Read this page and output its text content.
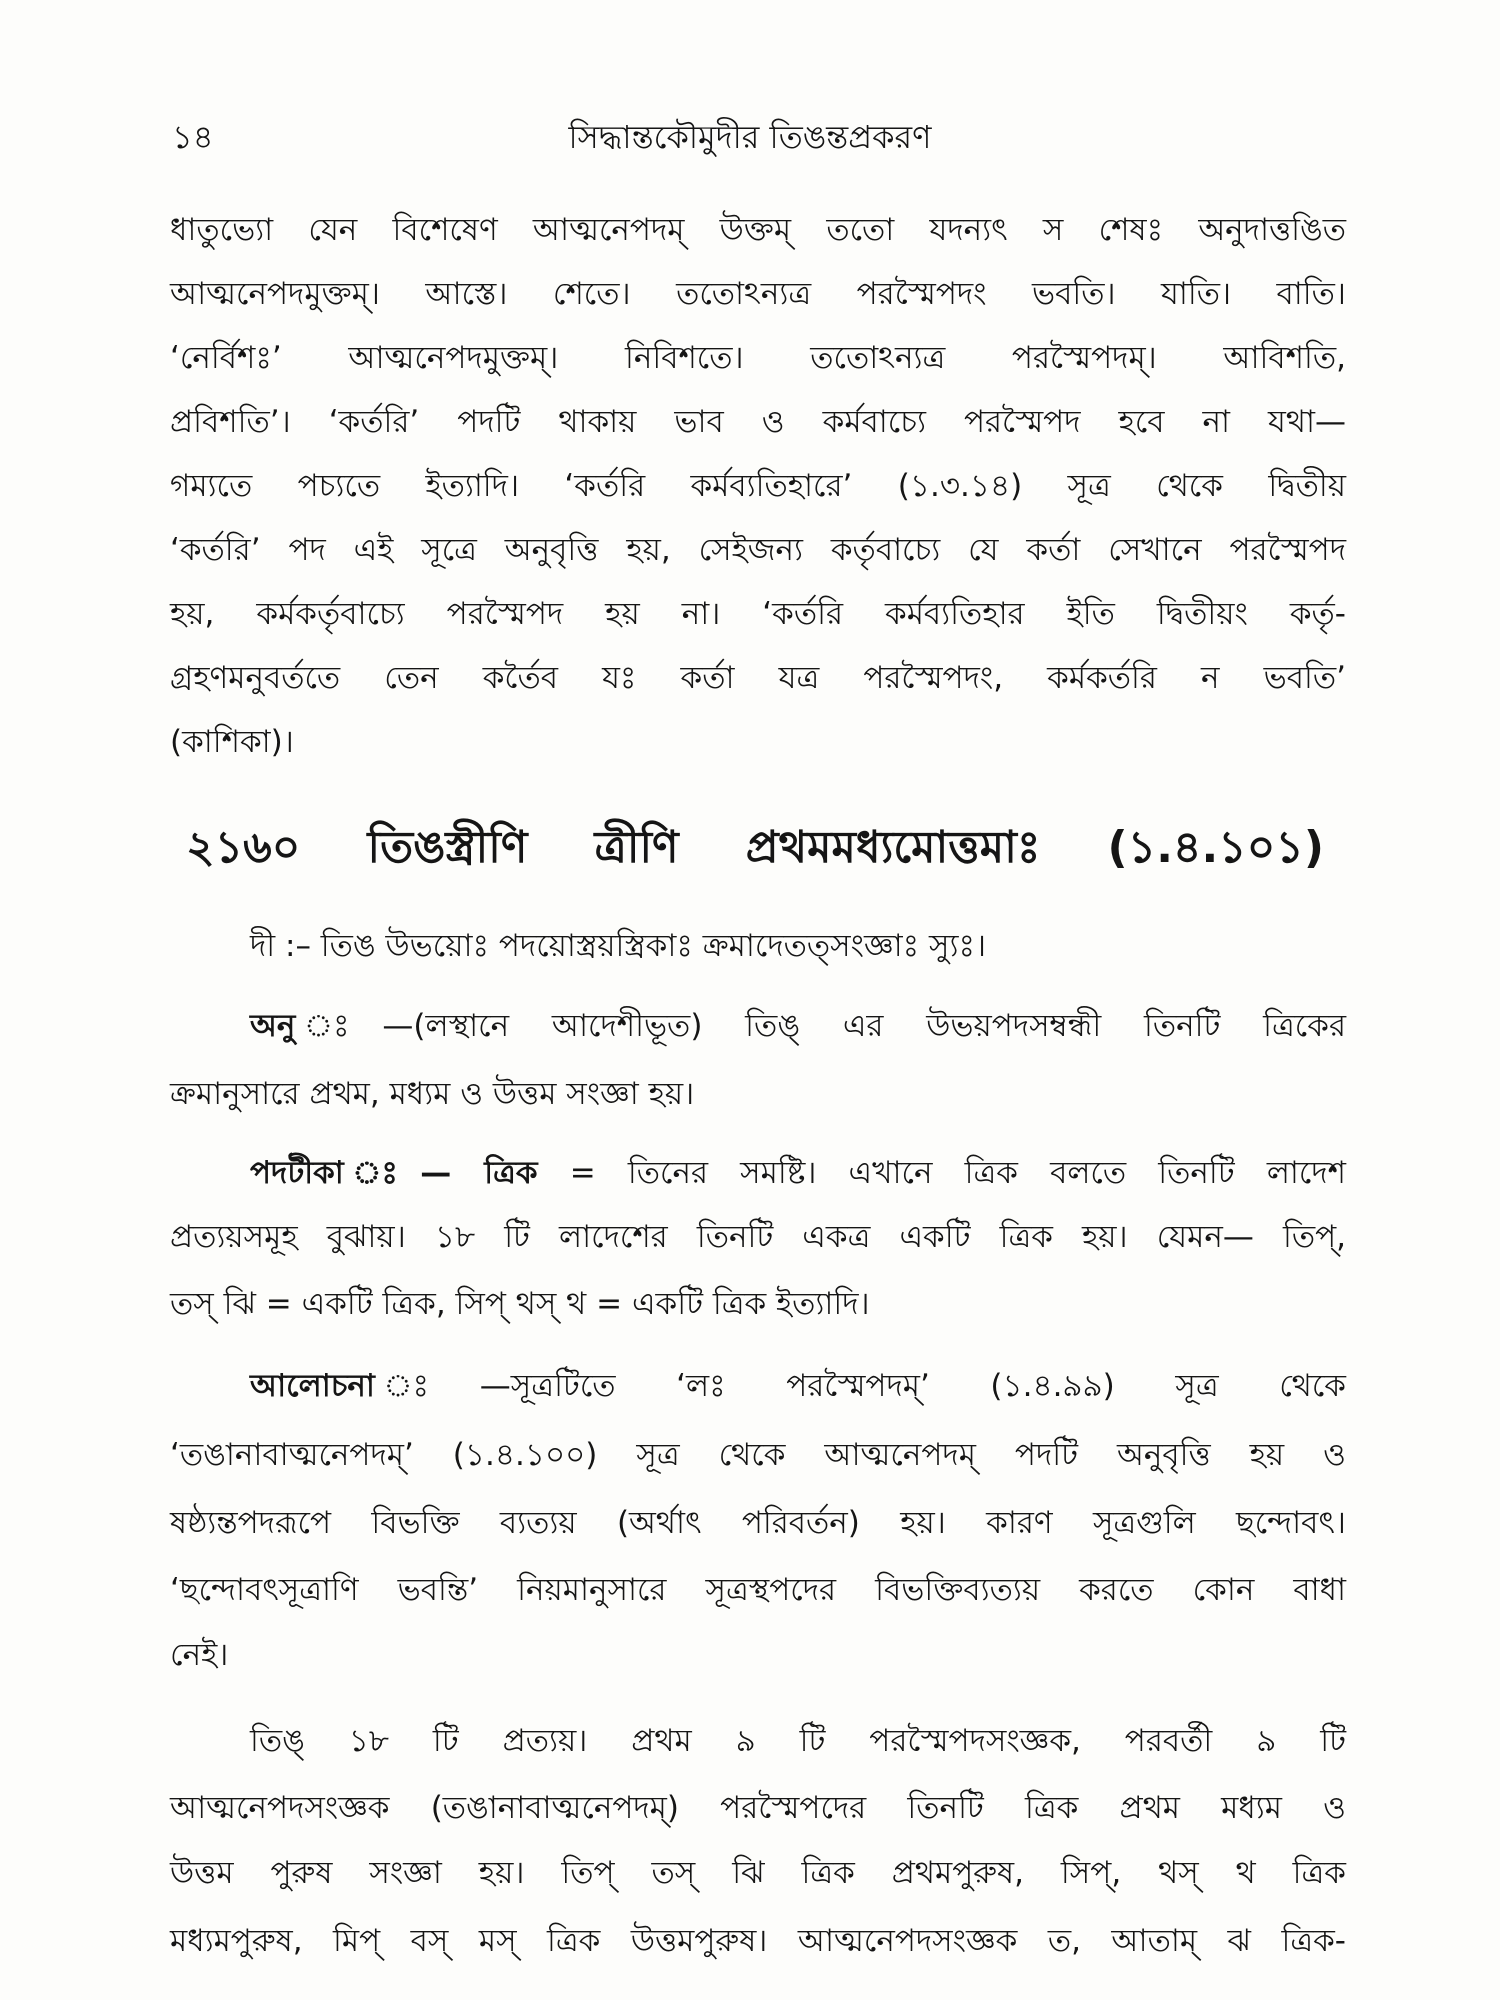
১৪	সিদ্ধান্তকৌমুদীর তিঙন্তপ্রকরণ
২১৬০ তিঙস্ত্রীণি ত্রীণি প্রথমমধ্যমোত্তমাঃ (১.৪.১০১)
ধাতুভ্যো যেন বিশেষেণ আত্মনেপদম্ উক্তম্ ততো যদন্যৎ স শেষঃ অনুদাত্তঙিত
আত্মনেপদমুক্তম্। আস্তে। শেতে। ততোঽন্যত্র পরস্মৈপদং ভবতি। যাতি। বাতি।
‘নের্বিশঃ’ আত্মনেপদমুক্তম্। নিবিশতে। ততোঽন্যত্র পরস্মৈপদম্। আবিশতি,
প্রবিশতি’। ‘কর্তরি’ পদটি থাকায় ভাব ও কর্মবাচ্যে পরস্মৈপদ হবে না যথা—
গম্যতে পচ্যতে ইত্যাদি। ‘কর্তরি কর্মব্যতিহারে’ (১.৩.১৪) সূত্র থেকে দ্বিতীয়
‘কর্তরি’ পদ এই সূত্রে অনুবৃত্তি হয়, সেইজন্য কর্তৃবাচ্যে যে কর্তা সেখানে পরস্মৈপদ
হয়, কর্মকর্তৃবাচ্যে পরস্মৈপদ হয় না। ‘কর্তরি কর্মব্যতিহার ইতি দ্বিতীয়ং কর্তৃ-
গ্রহণমনুবর্ততে তেন কর্তৈব যঃ কর্তা যত্র পরস্মৈপদং, কর্মকর্তরি ন ভবতি’
(কাশিকা)।
দী :– তিঙ উভয়োঃ পদয়োস্ত্রয়স্ত্রিকাঃ ক্রমাদেতত্সংজ্ঞাঃ স্যুঃ।
অনু ঃ—(লস্থানে আদেশীভূত) তিঙ্ এর উভয়পদসম্বন্ধী তিনটি ত্রিকের
ক্রমানুসারে প্রথম, মধ্যম ও উত্তম সংজ্ঞা হয়।
পদটীকা ঃ— ত্রিক = তিনের সমষ্টি। এখানে ত্রিক বলতে তিনটি লাদেশ
প্রত্যয়সমূহ বুঝায়। ১৮ টি লাদেশের তিনটি একত্র একটি ত্রিক হয়। যেমন— তিপ্,
তস্ ঝি = একটি ত্রিক, সিপ্ থস্ থ = একটি ত্রিক ইত্যাদি।
আলোচনা ঃ—সূত্রটিতে ‘লঃ পরস্মৈপদম্’ (১.৪.৯৯) সূত্র থেকে
‘তঙানাবাত্মনেপদম্’ (১.৪.১০০) সূত্র থেকে আত্মনেপদম্ পদটি অনুবৃত্তি হয় ও
ষষ্ঠ্যন্তপদরূপে বিভক্তি ব্যত্যয় (অর্থাৎ পরিবর্তন) হয়। কারণ সূত্রগুলি ছন্দোবৎ।
‘ছন্দোবৎসূত্রাণি ভবন্তি’ নিয়মানুসারে সূত্রস্থপদের বিভক্তিব্যত্যয় করতে কোন বাধা
নেই।
তিঙ্ ১৮ টি প্রত্যয়। প্রথম ৯ টি পরস্মৈপদসংজ্ঞক, পরবর্তী ৯ টি
আত্মনেপদসংজ্ঞক (তঙানাবাত্মনেপদম্) পরস্মৈপদের তিনটি ত্রিক প্রথম মধ্যম ও
উত্তম পুরুষ সংজ্ঞা হয়। তিপ্ তস্ ঝি ত্রিক প্রথমপুরুষ, সিপ্, থস্ থ ত্রিক
মধ্যমপুরুষ, মিপ্ বস্ মস্ ত্রিক উত্তমপুরুষ। আত্মনেপদসংজ্ঞক ত, আতাম্ ঝ ত্রিক-
